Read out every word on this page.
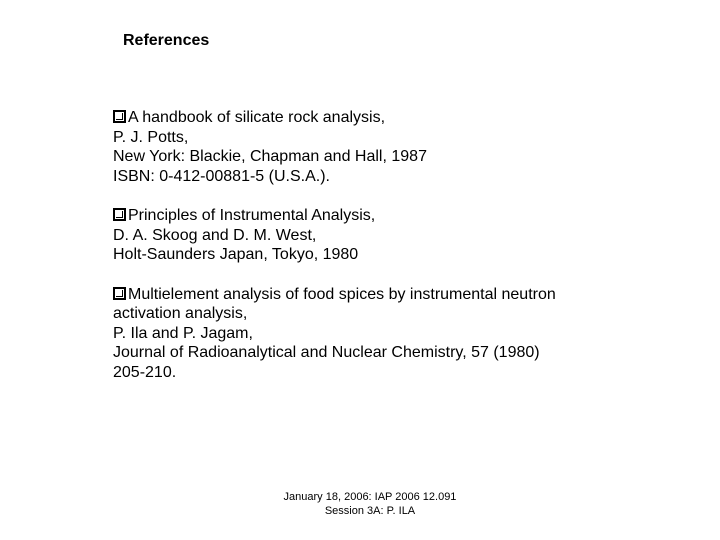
References
A handbook of silicate rock analysis,
P. J. Potts,
New York: Blackie, Chapman and Hall, 1987
ISBN: 0-412-00881-5 (U.S.A.).
Principles of Instrumental Analysis,
D. A. Skoog and D. M. West,
Holt-Saunders Japan, Tokyo, 1980
Multielement analysis of food spices by instrumental neutron
activation analysis,
P. Ila and P. Jagam,
Journal of Radioanalytical and Nuclear Chemistry, 57 (1980)
205-210.
January 18, 2006: IAP 2006 12.091
Session 3A: P. ILA
